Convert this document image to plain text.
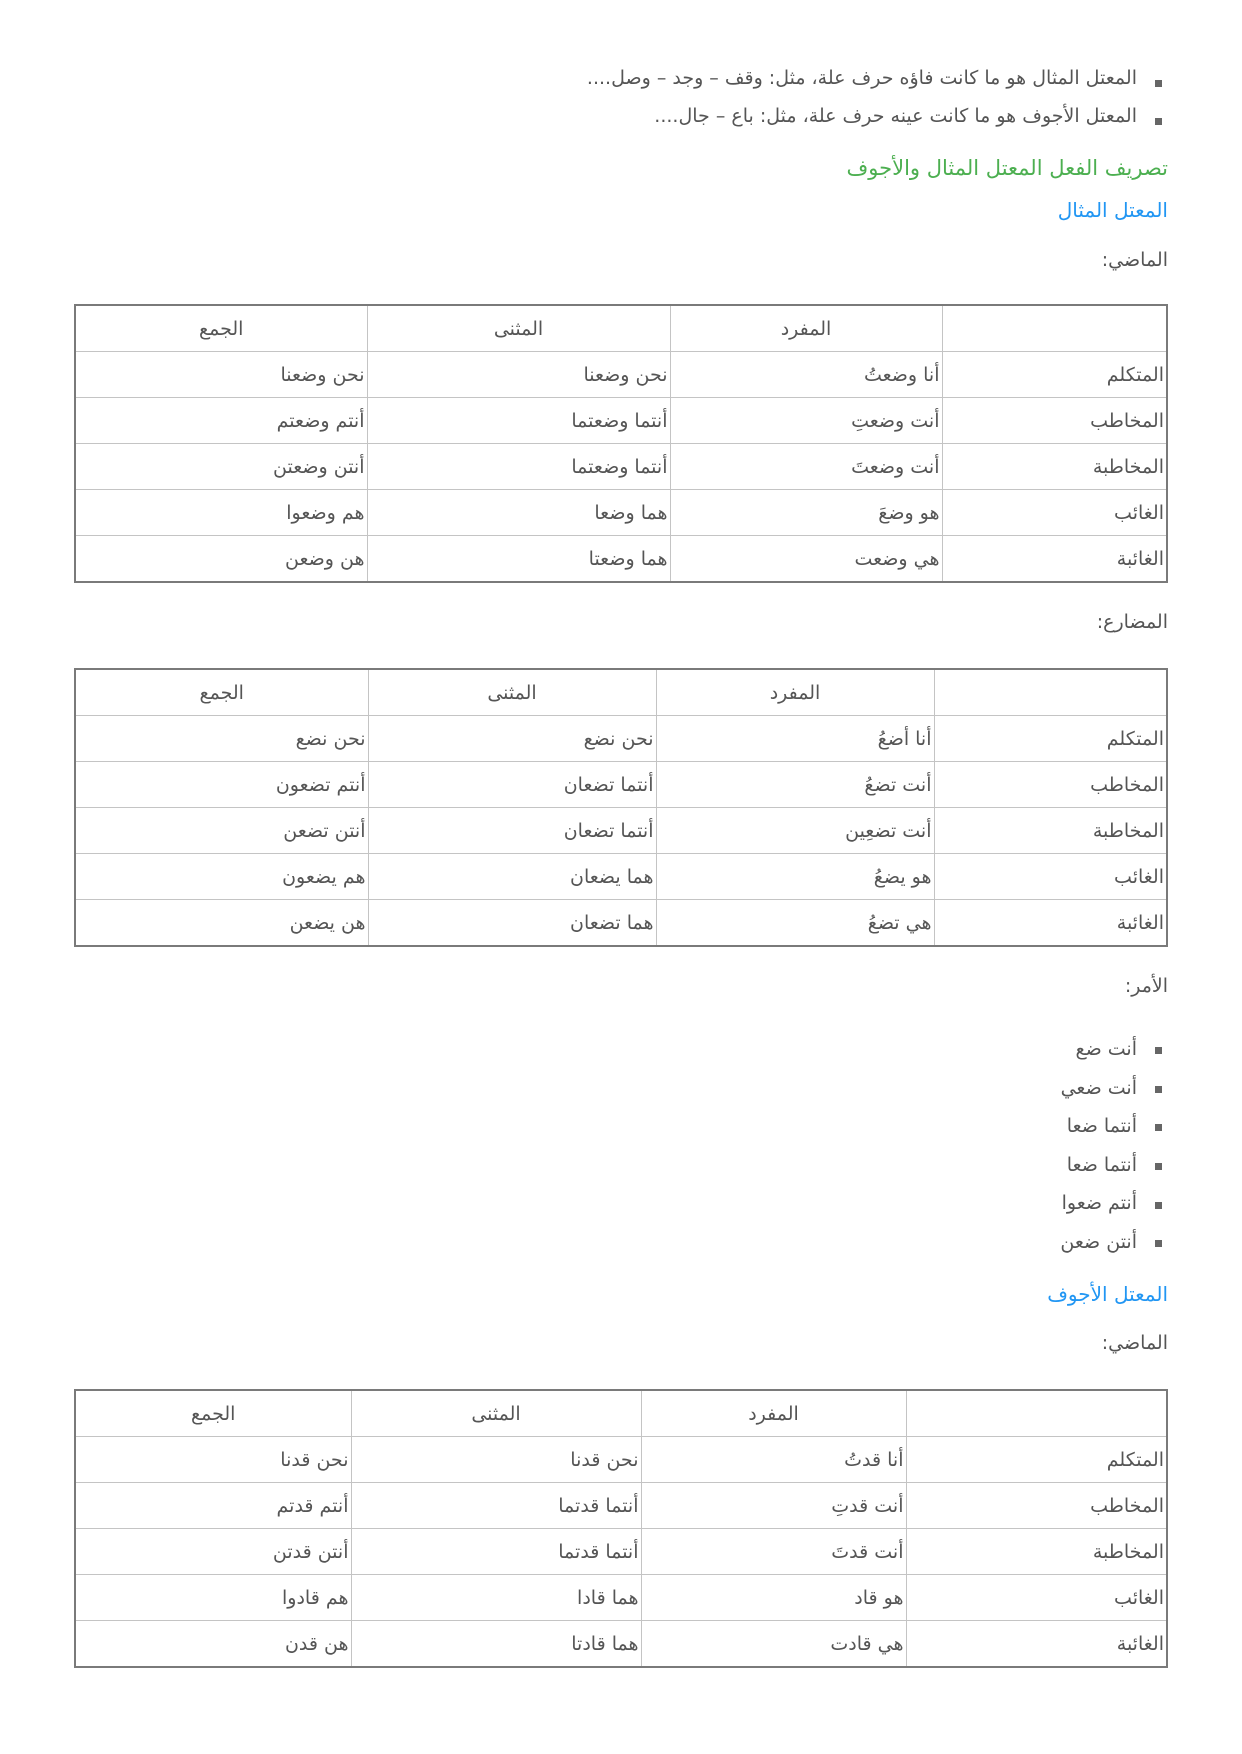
المعتل المثال هو ما كانت فاؤه حرف علة، مثل: وقف – وجد – وصل....
المعتل الأجوف هو ما كانت عينه حرف علة، مثل: باع – جال....
تصريف الفعل المعتل المثال والأجوف
المعتل المثال
الماضي:
	المفرد	المثنى	الجمع
المتكلم	أنا وضعتُ	نحن وضعنا	نحن وضعنا
المخاطب	أنت وضعتِ	أنتما وضعتما	أنتم وضعتم
المخاطبة	أنت وضعتَ	أنتما وضعتما	أنتن وضعتن
الغائب	هو وضعَ	هما وضعا	هم وضعوا
الغائبة	هي وضعت	هما وضعتا	هن وضعن
المضارع:
	المفرد	المثنى	الجمع
المتكلم	أنا أضعُ	نحن نضع	نحن نضع
المخاطب	أنت تضعُ	أنتما تضعان	أنتم تضعون
المخاطبة	أنت تضعِين	أنتما تضعان	أنتن تضعن
الغائب	هو يضعُ	هما يضعان	هم يضعون
الغائبة	هي تضعُ	هما تضعان	هن يضعن
الأمر:
أنت ضع
أنت ضعي
أنتما ضعا
أنتما ضعا
أنتم ضعوا
أنتن ضعن
المعتل الأجوف
الماضي:
	المفرد	المثنى	الجمع
المتكلم	أنا قدتُ	نحن قدنا	نحن قدنا
المخاطب	أنت قدتِ	أنتما قدتما	أنتم قدتم
المخاطبة	أنت قدتَ	أنتما قدتما	أنتن قدتن
الغائب	هو قاد	هما قادا	هم قادوا
الغائبة	هي قادت	هما قادتا	هن قدن
